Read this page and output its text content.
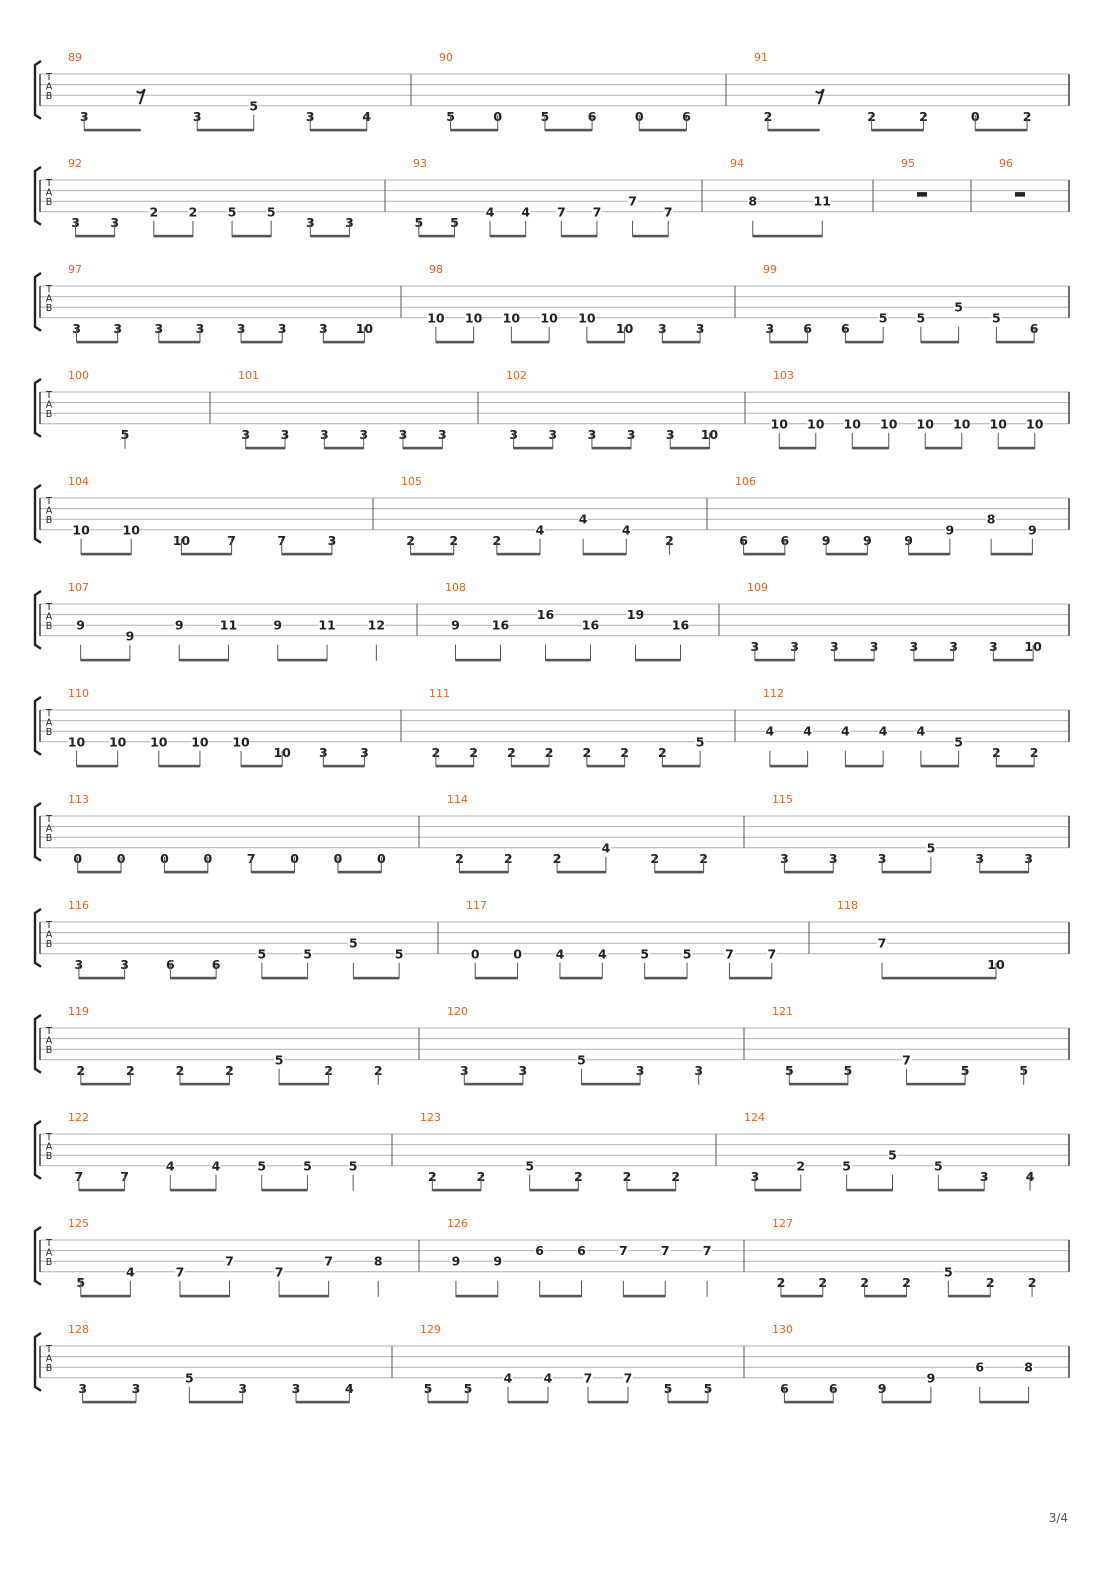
T
A
B
89
3	3
5
3	4
90
5	0	5	6	0	6
91
2	2	2	0	2
T
A
B
92
3 3
2 2 5 5
3 3
93
5 5
4 4 7 7
7
7
94
8	11
95	96
T
A
B
97
3	3	3	3	3	3	3 10
98
10 10 10 10 10
10 3 3
99
3 6 6
5 5
5
5
6
T
A
B
100
5
101
3 3 3 3 3 3
102
3 3 3 3 3 10
103
10 10 10 10 10 10 10 10
T
A
B
104
10	10
10	7	7	3
105
2	2	2
4
4
4
2
106
6	6	9	9	9
9
8
9
T
A
B
107
9
9
9	11	9	11	12
108
9	16
16
16
19
16
109
3 3 3 3 3 3 3 10
T
A
B
110
10 10 10 10 10
10 3	3
111
2 2 2 2 2 2 2
5
112
4 4 4 4 4
5
2 2
T
A
B
113
0	0	0	0	7	0	0	0
114
2	2	2
4
2	2
115
3	3	3
5
3	3
T
A
B
116
3	3	6	6
5	5
5
5
117
0	0	4	4	5	5	7	7
118
7
10
T
A
B
119
2	2	2	2
5
2	2
120
3	3
5
3	3
121
5	5
7
5	5
T
A
B
122
7	7
4	4	5	5	5
123
2	2
5
2	2	2
124
3
2	5
5
5
3	4
T
A
B
125
5
4	7
7
7
7	8
126
9	9
6	6	7	7	7
127
2	2	2	2
5
2	2
T
A
B
128
3	3
5
3	3	4
129
5	5
4	4	7	7
5	5
130
6	6	9
9
6	8
3/4
